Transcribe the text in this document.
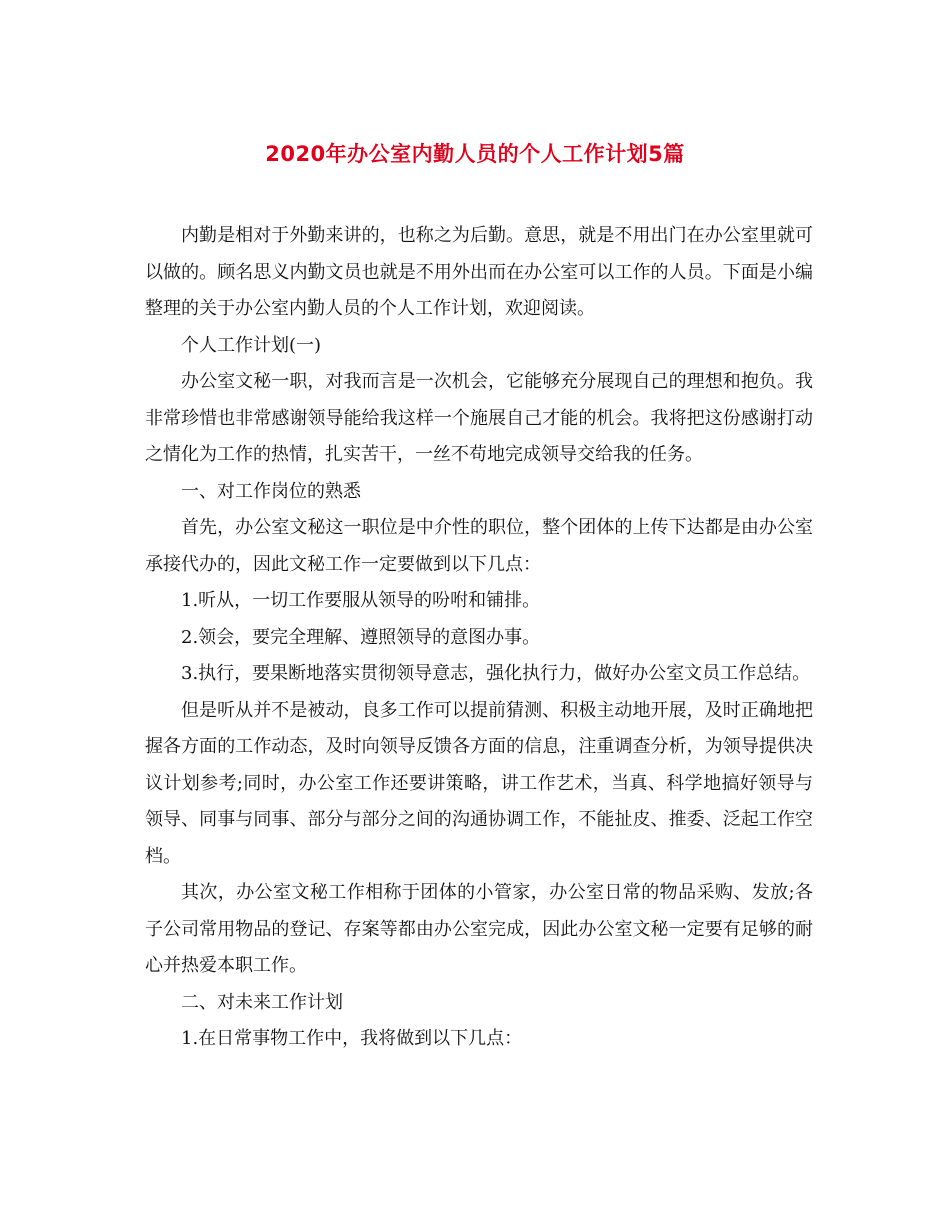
2020年办公室内勤人员的个人工作计划5篇

内勤是相对于外勤来讲的，也称之为后勤。意思，就是不用出门在办公室里就可以做的。顾名思义内勤文员也就是不用外出而在办公室可以工作的人员。下面是小编整理的关于办公室内勤人员的个人工作计划，欢迎阅读。

个人工作计划(一)

办公室文秘一职，对我而言是一次机会，它能够充分展现自己的理想和抱负。我非常珍惜也非常感谢领导能给我这样一个施展自己才能的机会。我将把这份感谢打动之情化为工作的热情，扎实苦干，一丝不苟地完成领导交给我的任务。

一、对工作岗位的熟悉

首先，办公室文秘这一职位是中介性的职位，整个团体的上传下达都是由办公室承接代办的，因此文秘工作一定要做到以下几点：

1.听从，一切工作要服从领导的吩咐和铺排。

2.领会，要完全理解、遵照领导的意图办事。

3.执行，要果断地落实贯彻领导意志，强化执行力，做好办公室文员工作总结。

但是听从并不是被动，良多工作可以提前猜测、积极主动地开展，及时正确地把握各方面的工作动态，及时向领导反馈各方面的信息，注重调查分析，为领导提供决议计划参考;同时，办公室工作还要讲策略，讲工作艺术，当真、科学地搞好领导与领导、同事与同事、部分与部分之间的沟通协调工作，不能扯皮、推委、泛起工作空档。

其次，办公室文秘工作相称于团体的小管家，办公室日常的物品采购、发放;各子公司常用物品的登记、存案等都由办公室完成，因此办公室文秘一定要有足够的耐心并热爱本职工作。

二、对未来工作计划

1.在日常事物工作中，我将做到以下几点：
